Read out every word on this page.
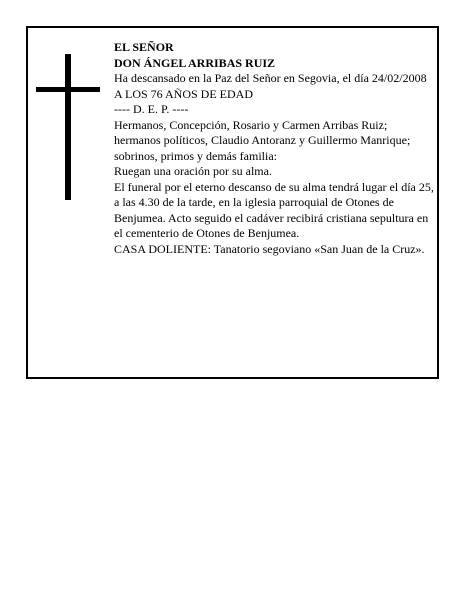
EL SEÑOR

DON ÁNGEL ARRIBAS RUIZ

Ha descansado en la Paz del Señor en Segovia, el día 24/02/2008

A LOS 76 AÑOS DE EDAD

---- D. E. P. ----

Hermanos, Concepción, Rosario y Carmen Arribas Ruiz; hermanos políticos, Claudio Antoranz y Guillermo Manrique; sobrinos, primos y demás familia:

Ruegan una oración por su alma.

El funeral por el eterno descanso de su alma tendrá lugar el día 25, a las 4.30 de la tarde, en la iglesia parroquial de Otones de Benjumea. Acto seguido el cadáver recibirá cristiana sepultura en el cementerio de Otones de Benjumea.

CASA DOLIENTE: Tanatorio segoviano «San Juan de la Cruz».
